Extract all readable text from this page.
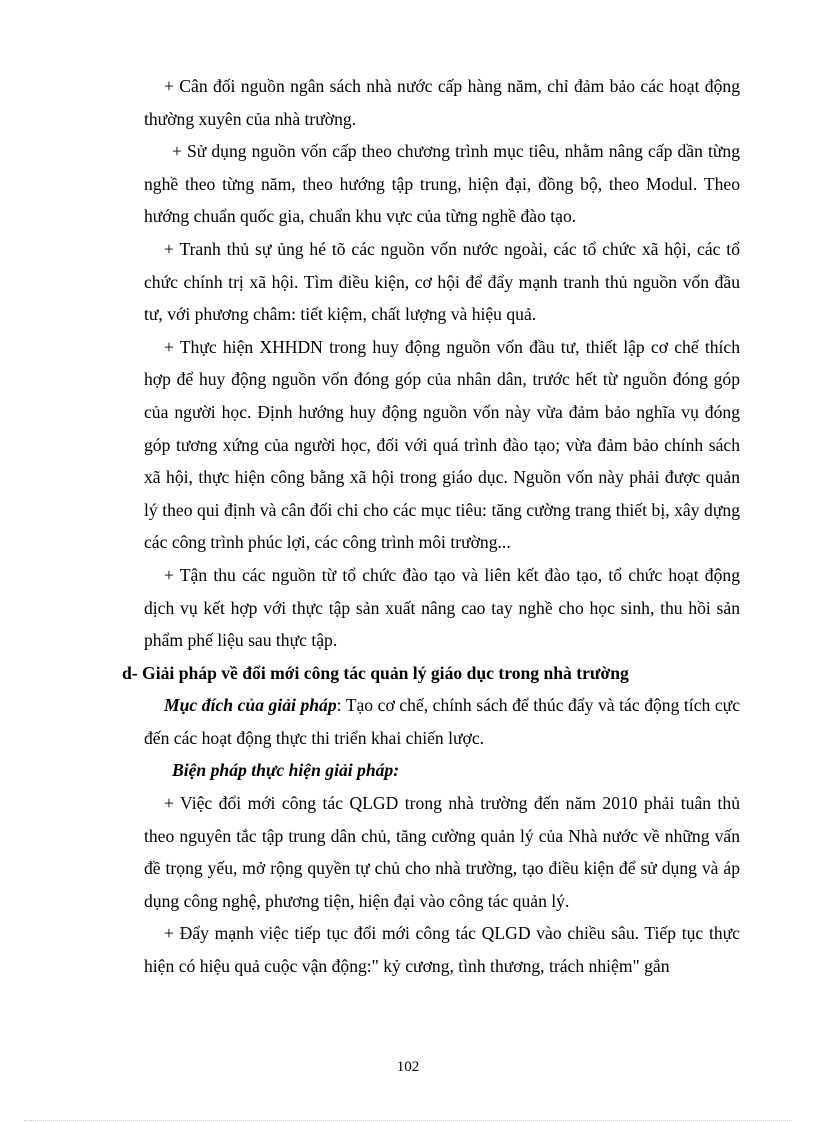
+ Cân đối nguồn ngân sách nhà nước cấp hàng năm, chỉ đảm bảo các hoạt động thường xuyên của nhà trường.

+ Sử dụng nguồn vốn cấp theo chương trình mục tiêu, nhằm nâng cấp dần từng nghề theo từng năm, theo hướng tập trung, hiện đại, đồng bộ, theo Modul. Theo hướng chuẩn quốc gia, chuẩn khu vực của từng nghề đào tạo.

+ Tranh thủ sự ủng hé tõ các nguồn vốn nước ngoài, các tổ chức xã hội, các tổ chức chính trị xã hội. Tìm điều kiện, cơ hội để đẩy mạnh tranh thủ nguồn vốn đầu tư, với phương châm: tiết kiệm, chất lượng và hiệu quả.

+ Thực hiện XHHDN trong huy động nguồn vốn đầu tư, thiết lập cơ chế thích hợp để huy động nguồn vốn đóng góp của nhân dân, trước hết từ nguồn đóng góp của người học. Định hướng huy động nguồn vốn này vừa đảm bảo nghĩa vụ đóng góp tương xứng của người học, đối với quá trình đào tạo; vừa đảm bảo chính sách xã hội, thực hiện công bằng xã hội trong giáo dục. Nguồn vốn này phải được quản lý theo qui định và cân đối chi cho các mục tiêu: tăng cường trang thiết bị, xây dựng các công trình phúc lợi, các công trình môi trường...

+ Tận thu các nguồn từ tổ chức đào tạo và liên kết đào tạo, tổ chức hoạt động dịch vụ kết hợp với thực tập sản xuất nâng cao tay nghề cho học sinh, thu hồi sản phẩm phế liệu sau thực tập.

d- Giải pháp về đổi mới công tác quản lý giáo dục trong nhà trường

Mục đích của giải pháp: Tạo cơ chế, chính sách để thúc đẩy và tác động tích cực đến các hoạt động thực thi triển khai chiến lược.

Biện pháp thực hiện giải pháp:

+ Việc đổi mới công tác QLGD trong nhà trường đến năm 2010 phải tuân thủ theo nguyên tắc tập trung dân chủ, tăng cường quản lý của Nhà nước về những vấn đề trọng yếu, mở rộng quyền tự chủ cho nhà trường, tạo điều kiện để sử dụng và áp dụng công nghệ, phương tiện, hiện đại vào công tác quản lý.

+ Đẩy mạnh việc tiếp tục đổi mới công tác QLGD vào chiều sâu. Tiếp tục thực hiện có hiệu quả cuộc vận động:" kỷ cương, tình thương, trách nhiệm" gắn

102
